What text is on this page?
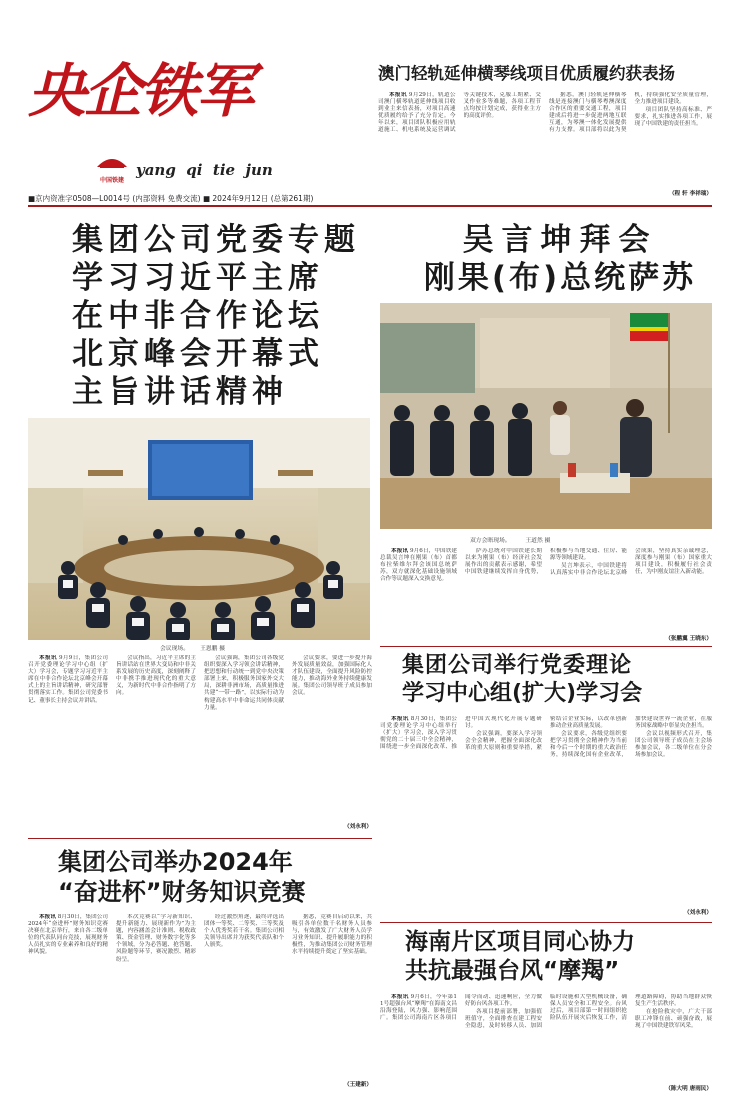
央企铁军
中国铁建
yang  qi  tie  jun
■京内资准字0508—L0014号 (内部资料 免费交流) ■ 2024年9月12日 (总第261期)
澳门轻轨延伸横琴线项目优质履约获表扬

本报讯 9月29日，轨道公司澳门横琴轨道延伸线项目收到业主来信表扬，对项目高速优质履约给予了充分肯定。今年以来，项目团队积极应用轨道施工、机电系统及运营调试等关键技术，克服工期紧、交叉作业多等难题，各项工程节点均按计划完成，获得业主方的高度评价。

据悉，澳门轻轨延伸横琴线是连接澳门与横琴粤澳深度合作区的重要交通工程，项目建成后将进一步促进两地互联互通，为琴澳一体化发展提供有力支撑。项目部将以此为契机，持续强化安全质量管理，全力推进项目建设。

项目团队坚持高标准、严要求，扎实推进各项工作，展现了中国铁建的责任担当。

（程 轩 李祥瑞）
集团公司党委专题
学习习近平主席
在中非合作论坛
北京峰会开幕式
主旨讲话精神
会议现场。 王恩鹏 摄

本报讯 9月9日，集团公司召开党委理论学习中心组（扩大）学习会，专题学习习近平主席在中非合作论坛北京峰会开幕式上的主旨讲话精神，研究部署贯彻落实工作。集团公司党委书记、董事长主持会议并讲话。

会议指出，习近平主席的主旨讲话站在世界大变局和中非关系发展的历史高度，深刻阐释了中非携手推进现代化的重大意义，为新时代中非合作指明了方向。

会议强调，集团公司各级党组织要深入学习领会讲话精神，把思想和行动统一到党中央决策部署上来，积极服务国家外交大局，深耕非洲市场，高质量推进共建“一带一路”，以实际行动为构建高水平中非命运共同体贡献力量。

会议要求，要进一步提升海外发展质量效益，加强国际化人才队伍建设，全面提升风险防控能力，推动海外业务持续健康发展。集团公司领导班子成员参加会议。

（刘永利）
吴言坤拜会
刚果(布)总统萨苏
双方会晤现场。	王道然 摄

本报讯 9月6日，中国铁建总裁吴言坤在刚果（布）首都布拉柴维尔拜会该国总统萨苏，双方就深化基础设施领域合作等议题深入交换意见。

萨苏总统对中国铁建长期以来为刚果（布）经济社会发展作出的贡献表示感谢，希望中国铁建继续发挥自身优势，积极参与当地交通、住房、能源等领域建设。

吴言坤表示，中国铁建将认真落实中非合作论坛北京峰会成果，坚持真实亲诚理念，深度参与刚果（布）国家重大项目建设，积极履行社会责任，为中刚友谊注入新动能。

（张鹏翼 王晓东）
集团公司举行党委理论
学习中心组(扩大)学习会

本报讯 8月30日，集团公司党委理论学习中心组举行（扩大）学习会，深入学习贯彻党的二十届三中全会精神，围绕进一步全面深化改革、推进中国式现代化开展专题研讨。

会议强调，要深入学习领会全会精神，把握全面深化改革的重大原则和重要举措，紧密结合企业实际，以改革创新推动企业高质量发展。

会议要求，各级党组织要把学习贯彻全会精神作为当前和今后一个时期的重大政治任务，持续深化国有企业改革，加快建设世界一流企业，在服务国家战略中彰显央企担当。

会议以视频形式召开，集团公司领导班子成员在主会场参加会议，各二级单位在分会场参加会议。

（刘永利）
集团公司举办2024年
“奋进杯”财务知识竞赛

本报讯 8月30日，集团公司2024年“奋进杯”财务知识竞赛决赛在北京举行，来自各二级单位的代表队同台竞技，展现财务人员扎实的专业素养和良好的精神风貌。

本次竞赛以“学习新知识、提升新能力、展现新作为”为主题，内容涵盖会计准则、税收政策、资金管理、财务数字化等多个领域，分为必答题、抢答题、风险题等环节，赛况激烈、精彩纷呈。

经过激烈角逐，最终评选出团体一等奖、二等奖、三等奖及个人优秀奖若干名。集团公司相关领导出席并为获奖代表队和个人颁奖。

据悉，竞赛自启动以来，共吸引各单位数千名财务人员参与，有效激发了广大财务人员学习业务知识、提升履职能力的积极性，为推动集团公司财务管理水平持续提升奠定了坚实基础。

（王建新）
海南片区项目同心协力
共抗最强台风“摩羯”

本报讯 9月6日，今年第11号超强台风“摩羯”在海南文昌沿海登陆，风力强、影响范围广。集团公司海南片区各项目闻令而动、迅速响应，全力做好防台风各项工作。

各项目提前部署，加强值班值守，全面排查在建工程安全隐患，及时转移人员、加固临时设施和大型机械设备，确保人员安全和工程安全。台风过后，项目部第一时间组织抢险队伍开展灾后恢复工作，清理道路障碍，协助当地群众恢复生产生活秩序。

在抢险救灾中，广大干部职工冲锋在前、顽强奋战，展现了中国铁建铁军风采。

（陈大明 唐雨民）
